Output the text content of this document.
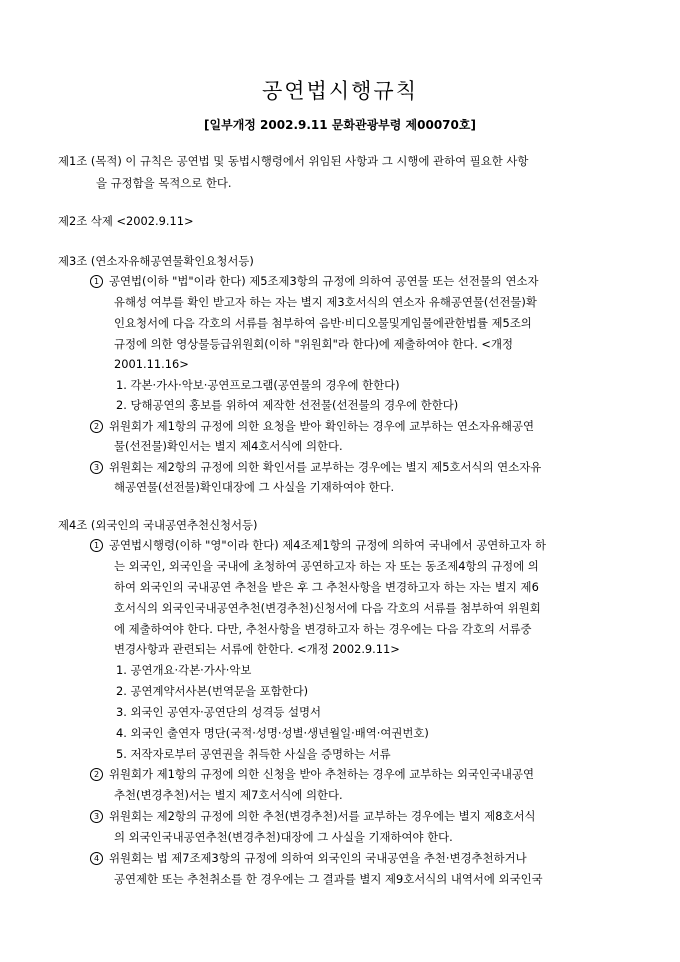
공연법시행규칙
[일부개정 2002.9.11 문화관광부령 제00070호]
제1조 (목적) 이 규칙은 공연법 및 동법시행령에서 위임된 사항과 그 시행에 관하여 필요한 사항
을 규정함을 목적으로 한다.
제2조 삭제 <2002.9.11>
제3조 (연소자유해공연물확인요청서등)
1 공연법(이하 "법"이라 한다) 제5조제3항의 규정에 의하여 공연물 또는 선전물의 연소자
유해성 여부를 확인 받고자 하는 자는 별지 제3호서식의 연소자 유해공연물(선전물)확
인요청서에 다음 각호의 서류를 첨부하여 음반·비디오물및게임물에관한법률 제5조의
규정에 의한 영상물등급위원회(이하 "위원회"라 한다)에 제출하여야 한다. <개정
2001.11.16>
1. 각본·가사·악보·공연프로그램(공연물의 경우에 한한다)
2. 당해공연의 홍보를 위하여 제작한 선전물(선전물의 경우에 한한다)
2 위원회가 제1항의 규정에 의한 요청을 받아 확인하는 경우에 교부하는 연소자유해공연
물(선전물)확인서는 별지 제4호서식에 의한다.
3 위원회는 제2항의 규정에 의한 확인서를 교부하는 경우에는 별지 제5호서식의 연소자유
해공연물(선전물)확인대장에 그 사실을 기재하여야 한다.
제4조 (외국인의 국내공연추천신청서등)
1 공연법시행령(이하 "영"이라 한다) 제4조제1항의 규정에 의하여 국내에서 공연하고자 하
는 외국인, 외국인을 국내에 초청하여 공연하고자 하는 자 또는 동조제4항의 규정에 의
하여 외국인의 국내공연 추천을 받은 후 그 추천사항을 변경하고자 하는 자는 별지 제6
호서식의 외국인국내공연추천(변경추천)신청서에 다음 각호의 서류를 첨부하여 위원회
에 제출하여야 한다. 다만, 추천사항을 변경하고자 하는 경우에는 다음 각호의 서류중
변경사항과 관련되는 서류에 한한다. <개정 2002.9.11>
1. 공연개요·각본·가사·악보
2. 공연계약서사본(번역문을 포함한다)
3. 외국인 공연자·공연단의 성격등 설명서
4. 외국인 출연자 명단(국적·성명·성별·생년월일·배역·여권번호)
5. 저작자로부터 공연권을 취득한 사실을 증명하는 서류
2 위원회가 제1항의 규정에 의한 신청을 받아 추천하는 경우에 교부하는 외국인국내공연
추천(변경추천)서는 별지 제7호서식에 의한다.
3 위원회는 제2항의 규정에 의한 추천(변경추천)서를 교부하는 경우에는 별지 제8호서식
의 외국인국내공연추천(변경추천)대장에 그 사실을 기재하여야 한다.
4 위원회는 법 제7조제3항의 규정에 의하여 외국인의 국내공연을 추천·변경추천하거나
공연제한 또는 추천취소를 한 경우에는 그 결과를 별지 제9호서식의 내역서에 외국인국
